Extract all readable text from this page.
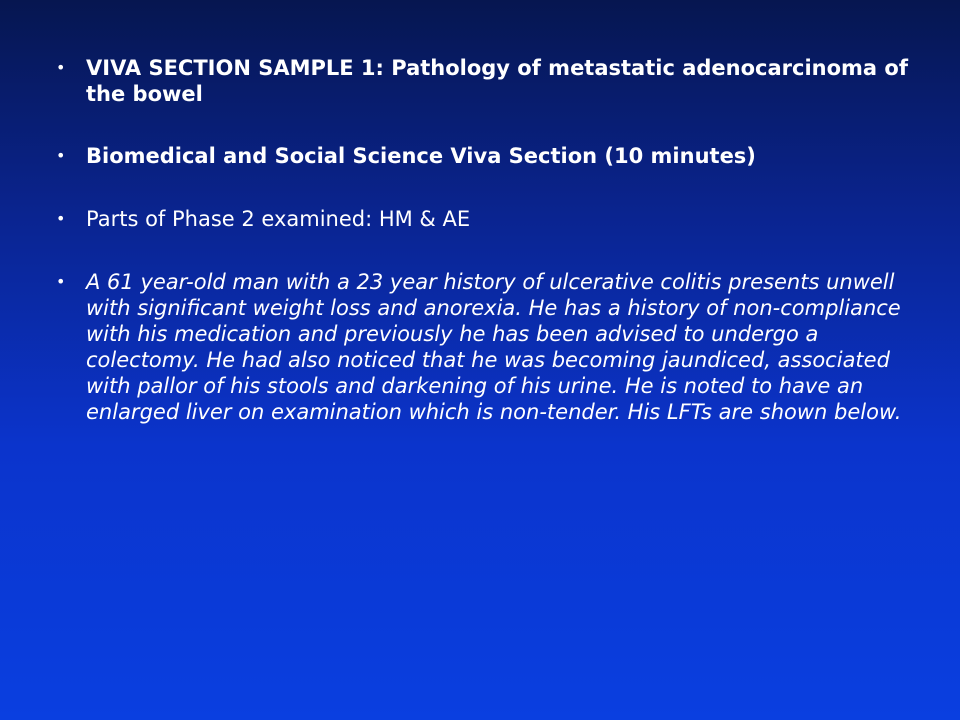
• VIVA SECTION SAMPLE 1: Pathology of metastatic adenocarcinoma of the bowel
• Biomedical and Social Science Viva Section (10 minutes)
• Parts of Phase 2 examined: HM & AE
• A 61 year-old man with a 23 year history of ulcerative colitis presents unwell with significant weight loss and anorexia. He has a history of non-compliance with his medication and previously he has been advised to undergo a colectomy. He had also noticed that he was becoming jaundiced, associated with pallor of his stools and darkening of his urine. He is noted to have an enlarged liver on examination which is non-tender. His LFTs are shown below.
